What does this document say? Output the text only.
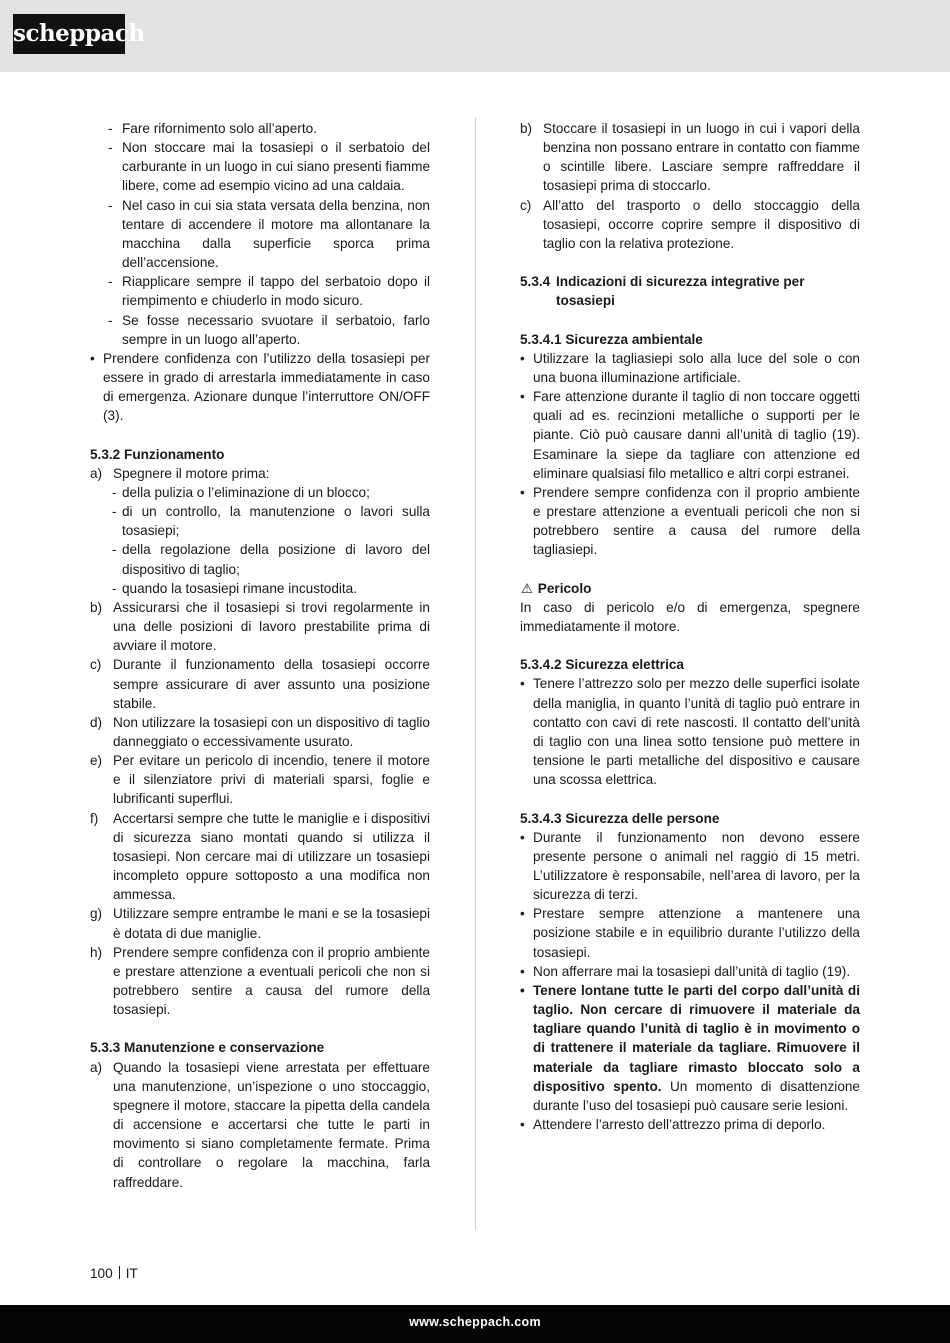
scheppach
- Fare rifornimento solo all’aperto.
- Non stoccare mai la tosasiepi o il serbatoio del carburante in un luogo in cui siano presenti fiamme libere, come ad esempio vicino ad una caldaia.
- Nel caso in cui sia stata versata della benzina, non tentare di accendere il motore ma allontanare la macchina dalla superficie sporca prima dell’accensione.
- Riapplicare sempre il tappo del serbatoio dopo il riempimento e chiuderlo in modo sicuro.
- Se fosse necessario svuotare il serbatoio, farlo sempre in un luogo all’aperto.
• Prendere confidenza con l’utilizzo della tosasiepi per essere in grado di arrestarla immediatamente in caso di emergenza. Azionare dunque l’interruttore ON/OFF (3).
5.3.2 Funzionamento
a) Spegnere il motore prima:
- della pulizia o l’eliminazione di un blocco;
- di un controllo, la manutenzione o lavori sulla tosasiepi;
- della regolazione della posizione di lavoro del dispositivo di taglio;
- quando la tosasiepi rimane incustodita.
b) Assicurarsi che il tosasiepi si trovi regolarmente in una delle posizioni di lavoro prestabilite prima di avviare il motore.
c) Durante il funzionamento della tosasiepi occorre sempre assicurare di aver assunto una posizione stabile.
d) Non utilizzare la tosasiepi con un dispositivo di taglio danneggiato o eccessivamente usurato.
e) Per evitare un pericolo di incendio, tenere il motore e il silenziatore privi di materiali sparsi, foglie e lubrificanti superflui.
f) Accertarsi sempre che tutte le maniglie e i dispositivi di sicurezza siano montati quando si utilizza il tosasiepi. Non cercare mai di utilizzare un tosasiepi incompleto oppure sottoposto a una modifica non ammessa.
g) Utilizzare sempre entrambe le mani e se la tosasiepi è dotata di due maniglie.
h) Prendere sempre confidenza con il proprio ambiente e prestare attenzione a eventuali pericoli che non si potrebbero sentire a causa del rumore della tosasiepi.
5.3.3 Manutenzione e conservazione
a) Quando la tosasiepi viene arrestata per effettuare una manutenzione, un’ispezione o uno stoccaggio, spegnere il motore, staccare la pipetta della candela di accensione e accertarsi che tutte le parti in movimento si siano completamente fermate. Prima di controllare o regolare la macchina, farla raffreddare.
b) Stoccare il tosasiepi in un luogo in cui i vapori della benzina non possano entrare in contatto con fiamme o scintille libere. Lasciare sempre raffreddare il tosasiepi prima di stoccarlo.
c) All’atto del trasporto o dello stoccaggio della tosasiepi, occorre coprire sempre il dispositivo di taglio con la relativa protezione.
5.3.4 Indicazioni di sicurezza integrative per tosasiepi
5.3.4.1 Sicurezza ambientale
• Utilizzare la tagliasiepi solo alla luce del sole o con una buona illuminazione artificiale.
• Fare attenzione durante il taglio di non toccare oggetti quali ad es. recinzioni metalliche o supporti per le piante. Ciò può causare danni all’unità di taglio (19). Esaminare la siepe da tagliare con attenzione ed eliminare qualsiasi filo metallico e altri corpi estranei.
• Prendere sempre confidenza con il proprio ambiente e prestare attenzione a eventuali pericoli che non si potrebbero sentire a causa del rumore della tagliasiepi.
⚠ Pericolo
In caso di pericolo e/o di emergenza, spegnere immediatamente il motore.
5.3.4.2 Sicurezza elettrica
• Tenere l’attrezzo solo per mezzo delle superfici isolate della maniglia, in quanto l’unità di taglio può entrare in contatto con cavi di rete nascosti. Il contatto dell’unità di taglio con una linea sotto tensione può mettere in tensione le parti metalliche del dispositivo e causare una scossa elettrica.
5.3.4.3 Sicurezza delle persone
• Durante il funzionamento non devono essere presente persone o animali nel raggio di 15 metri. L’utilizzatore è responsabile, nell’area di lavoro, per la sicurezza di terzi.
• Prestare sempre attenzione a mantenere una posizione stabile e in equilibrio durante l’utilizzo della tosasiepi.
• Non afferrare mai la tosasiepi dall’unità di taglio (19).
• Tenere lontane tutte le parti del corpo dall’unità di taglio. Non cercare di rimuovere il materiale da tagliare quando l’unità di taglio è in movimento o di trattenere il materiale da tagliare. Rimuovere il materiale da tagliare rimasto bloccato solo a dispositivo spento. Un momento di disattenzione durante l’uso del tosasiepi può causare serie lesioni.
• Attendere l’arresto dell’attrezzo prima di deporlo.
100 IT
www.scheppach.com
